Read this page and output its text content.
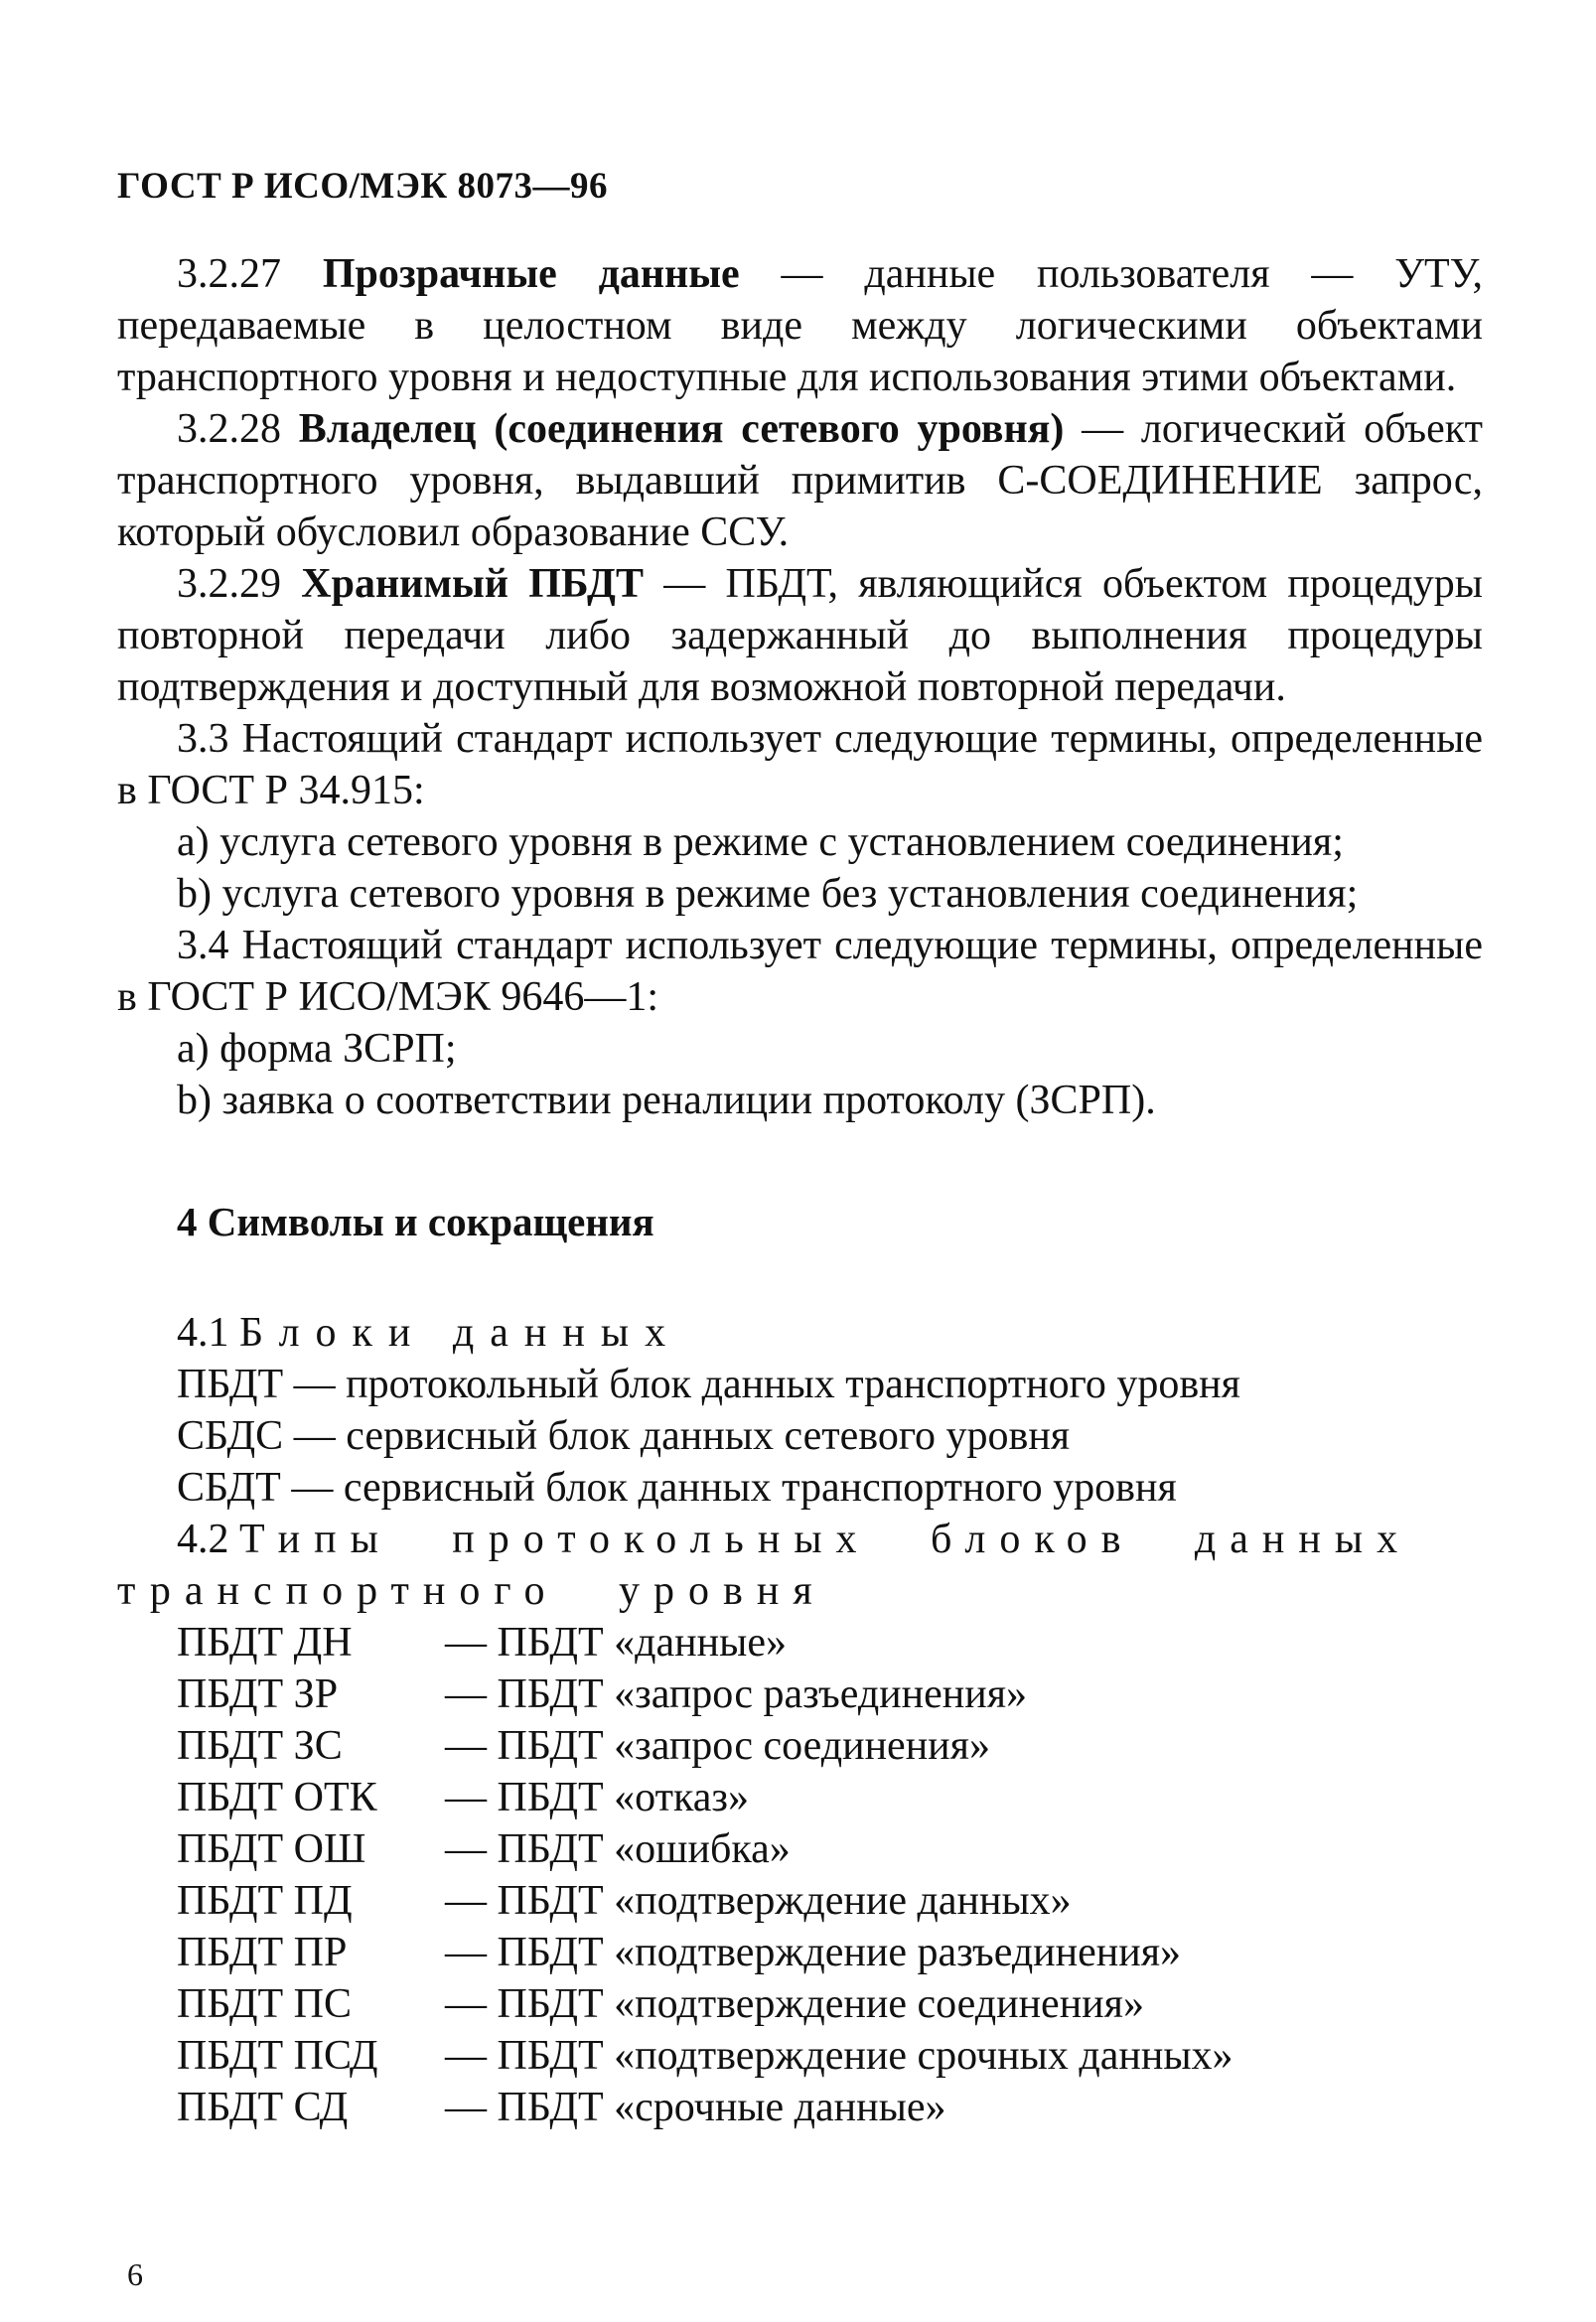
ГОСТ Р ИСО/МЭК 8073—96

3.2.27 Прозрачные данные — данные пользователя — УТУ, передаваемые в целостном виде между логическими объектами транспортного уровня и недоступные для использования этими объектами.

3.2.28 Владелец (соединения сетевого уровня) — логический объект транспортного уровня, выдавший примитив С-СОЕДИНЕНИЕ запрос, который обусловил образование ССУ.

3.2.29 Хранимый ПБДТ — ПБДТ, являющийся объектом процедуры повторной передачи либо задержанный до выполнения процедуры подтверждения и доступный для возможной повторной передачи.

3.3 Настоящий стандарт использует следующие термины, определенные в ГОСТ Р 34.915:

а) услуга сетевого уровня в режиме с установлением соединения;

b) услуга сетевого уровня в режиме без установления соединения;

3.4 Настоящий стандарт использует следующие термины, определенные в ГОСТ Р ИСО/МЭК 9646—1:

а) форма ЗСРП;

b) заявка о соответствии реналиции протоколу (ЗСРП).

4 Символы и сокращения
4.1 Блоки данных
ПБДТ — протокольный блок данных транспортного уровня
СБДС — сервисный блок данных сетевого уровня
СБДТ — сервисный блок данных транспортного уровня
4.2 Типы протокольных блоков данных
транспортного уровня
ПБДТ ДН	— ПБДТ «данные»
ПБДТ ЗР	— ПБДТ «запрос разъединения»
ПБДТ ЗС	— ПБДТ «запрос соединения»
ПБДТ ОТК	— ПБДТ «отказ»
ПБДТ ОШ	— ПБДТ «ошибка»
ПБДТ ПД	— ПБДТ «подтверждение данных»
ПБДТ ПР	— ПБДТ «подтверждение разъединения»
ПБДТ ПС	— ПБДТ «подтверждение соединения»
ПБДТ ПСД	— ПБДТ «подтверждение срочных данных»
ПБДТ СД	— ПБДТ «срочные данные»
6
